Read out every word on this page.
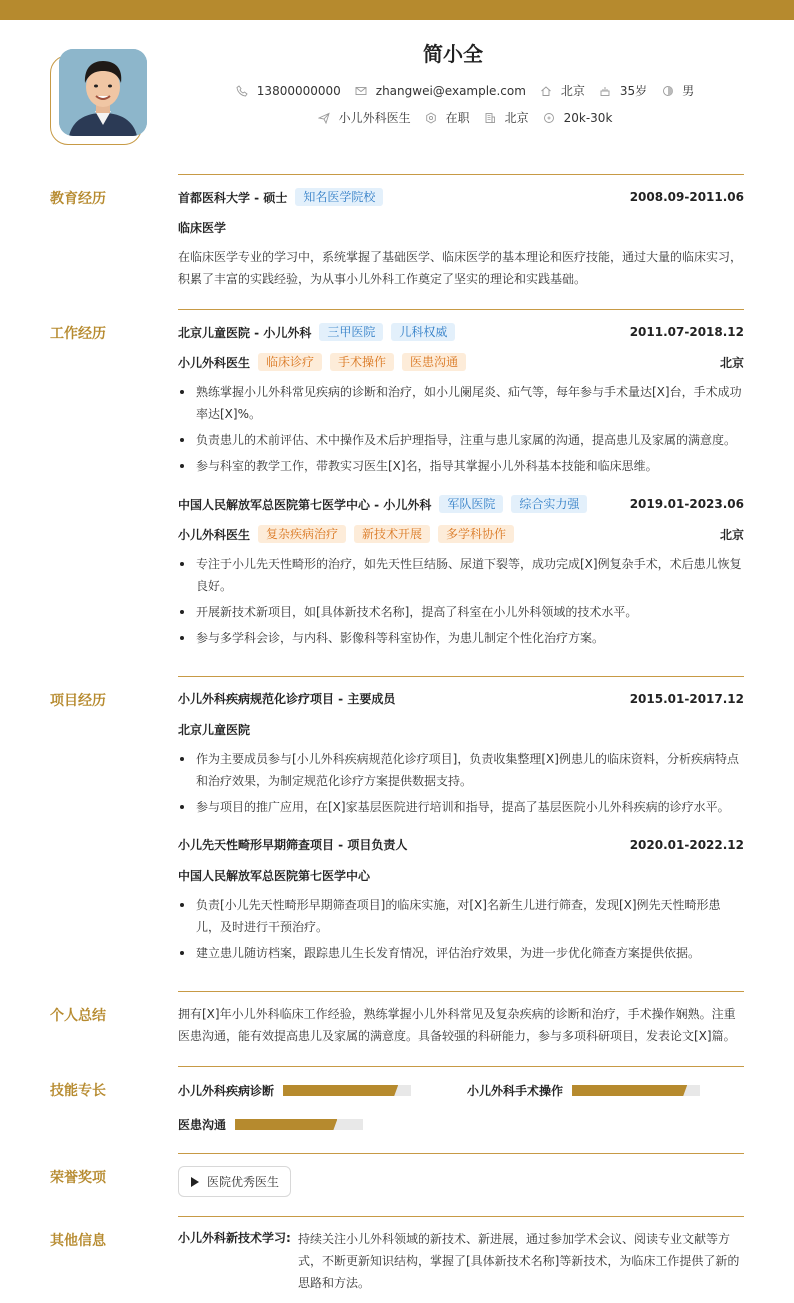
简小全
13800000000	zhangwei@example.com	北京	35岁	男
小儿外科医生	在职	北京	20k-30k
教育经历	首都医科大学 - 硕士	知名医学院校	2008.09-2011.06
临床医学
在临床医学专业的学习中，系统掌握了基础医学、临床医学的基本理论和医疗技能，通过大量的临床实习，积累了丰富的实践经验，为从事小儿外科工作奠定了坚实的理论和实践基础。
工作经历	北京儿童医院 - 小儿外科	三甲医院	儿科权威	2011.07-2018.12
小儿外科医生	临床诊疗	手术操作	医患沟通	北京
熟练掌握小儿外科常见疾病的诊断和治疗，如小儿阑尾炎、疝气等，每年参与手术量达[X]台，手术成功率达[X]%。
负责患儿的术前评估、术中操作及术后护理指导，注重与患儿家属的沟通，提高患儿及家属的满意度。
参与科室的教学工作，带教实习医生[X]名，指导其掌握小儿外科基本技能和临床思维。
中国人民解放军总医院第七医学中心 - 小儿外科	军队医院	综合实力强	2019.01-2023.06
小儿外科医生	复杂疾病治疗	新技术开展	多学科协作	北京
专注于小儿先天性畸形的治疗，如先天性巨结肠、尿道下裂等，成功完成[X]例复杂手术，术后患儿恢复良好。
开展新技术新项目，如[具体新技术名称]，提高了科室在小儿外科领域的技术水平。
参与多学科会诊，与内科、影像科等科室协作，为患儿制定个性化治疗方案。
项目经历	小儿外科疾病规范化诊疗项目 - 主要成员	2015.01-2017.12
北京儿童医院
作为主要成员参与[小儿外科疾病规范化诊疗项目]，负责收集整理[X]例患儿的临床资料，分析疾病特点和治疗效果，为制定规范化诊疗方案提供数据支持。
参与项目的推广应用，在[X]家基层医院进行培训和指导，提高了基层医院小儿外科疾病的诊疗水平。
小儿先天性畸形早期筛查项目 - 项目负责人	2020.01-2022.12
中国人民解放军总医院第七医学中心
负责[小儿先天性畸形早期筛查项目]的临床实施，对[X]名新生儿进行筛查，发现[X]例先天性畸形患儿，及时进行干预治疗。
建立患儿随访档案，跟踪患儿生长发育情况，评估治疗效果，为进一步优化筛查方案提供依据。
个人总结	拥有[X]年小儿外科临床工作经验，熟练掌握小儿外科常见及复杂疾病的诊断和治疗，手术操作娴熟。注重医患沟通，能有效提高患儿及家属的满意度。具备较强的科研能力，参与多项科研项目，发表论文[X]篇。
技能专长	小儿外科疾病诊断	小儿外科手术操作
医患沟通
荣誉奖项	医院优秀医生
其他信息	小儿外科新技术学习: 持续关注小儿外科领域的新技术、新进展，通过参加学术会议、阅读专业文献等方式，不断更新知识结构，掌握了[具体新技术名称]等新技术，为临床工作提供了新的思路和方法。
